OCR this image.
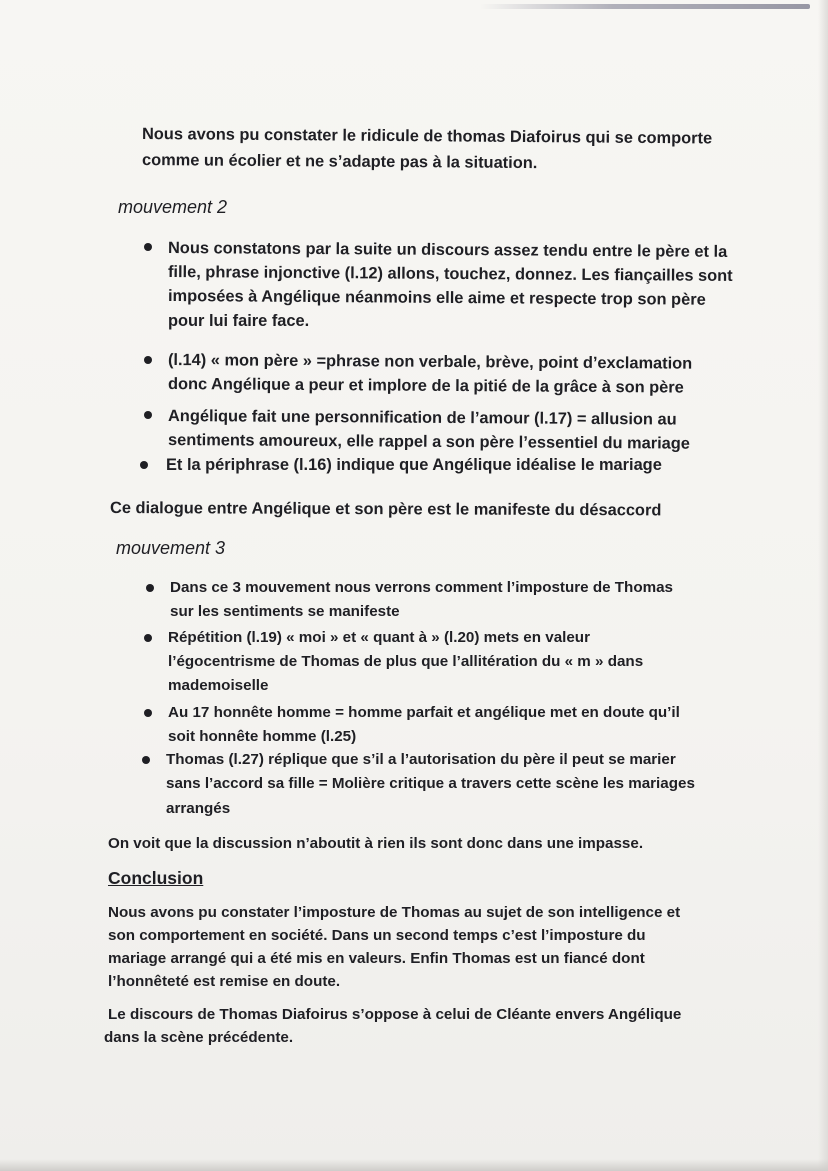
Nous avons pu constater le ridicule de thomas Diafoirus qui se comporte
comme un écolier et ne s’adapte pas à la situation.
mouvement 2
Nous constatons par la suite un discours assez tendu entre le père et la
fille, phrase injonctive (l.12) allons, touchez, donnez. Les fiançailles sont
imposées à Angélique néanmoins elle aime et respecte trop son père
pour lui faire face.
(l.14) « mon père » =phrase non verbale, brève, point d’exclamation
donc Angélique a peur et implore de la pitié de la grâce à son père
Angélique fait une personnification de l’amour (l.17) = allusion au
sentiments amoureux, elle rappel a son père l’essentiel du mariage
Et la périphrase (l.16) indique que Angélique idéalise le mariage
Ce dialogue entre Angélique et son père est le manifeste du désaccord
mouvement 3
Dans ce 3 mouvement nous verrons comment l’imposture de Thomas
sur les sentiments se manifeste
Répétition (l.19) « moi » et « quant à » (l.20) mets en valeur
l’égocentrisme de Thomas de plus que l’allitération du « m » dans
mademoiselle
Au 17 honnête homme = homme parfait et angélique met en doute qu’il
soit honnête homme (l.25)
Thomas (l.27) réplique que s’il a l’autorisation du père il peut se marier
sans l’accord sa fille = Molière critique a travers cette scène les mariages
arrangés
On voit que la discussion n’aboutit à rien ils sont donc dans une impasse.
Conclusion
Nous avons pu constater l’imposture de Thomas au sujet de son intelligence et
son comportement en société. Dans un second temps c’est l’imposture du
mariage arrangé qui a été mis en valeurs. Enfin Thomas est un fiancé dont
l’honnêteté est remise en doute.
Le discours de Thomas Diafoirus s’oppose à celui de Cléante envers Angélique
dans la scène précédente.
